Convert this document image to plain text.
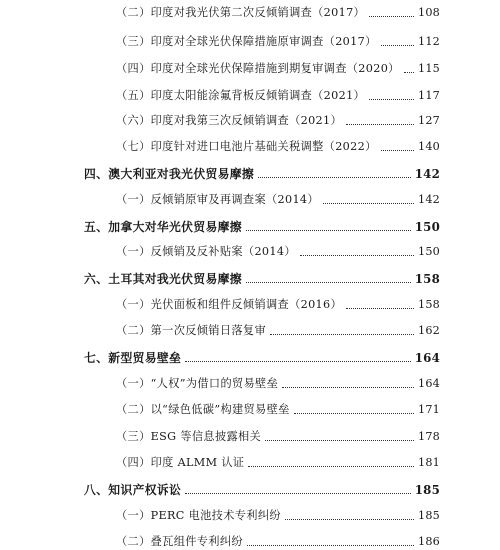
（二）印度对我光伏第二次反倾销调查（2017）	108
（三）印度对全球光伏保障措施原审调查（2017）	112
（四）印度对全球光伏保障措施到期复审调查（2020） 115
（五）印度太阳能涂氟背板反倾销调查（2021）	117
（六）印度对我第三次反倾销调查（2021）	127
（七）印度针对进口电池片基础关税调整（2022）	140
四、澳大利亚对我光伏贸易摩擦	142
（一）反倾销原审及再调查案（2014）	142
五、加拿大对华光伏贸易摩擦	150
（一）反倾销及反补贴案（2014）	150
六、土耳其对我光伏贸易摩擦	158
（一）光伏面板和组件反倾销调查（2016）	158
（二）第一次反倾销日落复审	162
七、新型贸易壁垒	164
（一）“人权”为借口的贸易壁垒	164
（二）以“绿色低碳”构建贸易壁垒	171
（三）ESG 等信息披露相关	178
（四）印度 ALMM 认证	181
八、知识产权诉讼	185
（一）PERC 电池技术专利纠纷	185
（二）叠瓦组件专利纠纷	186
